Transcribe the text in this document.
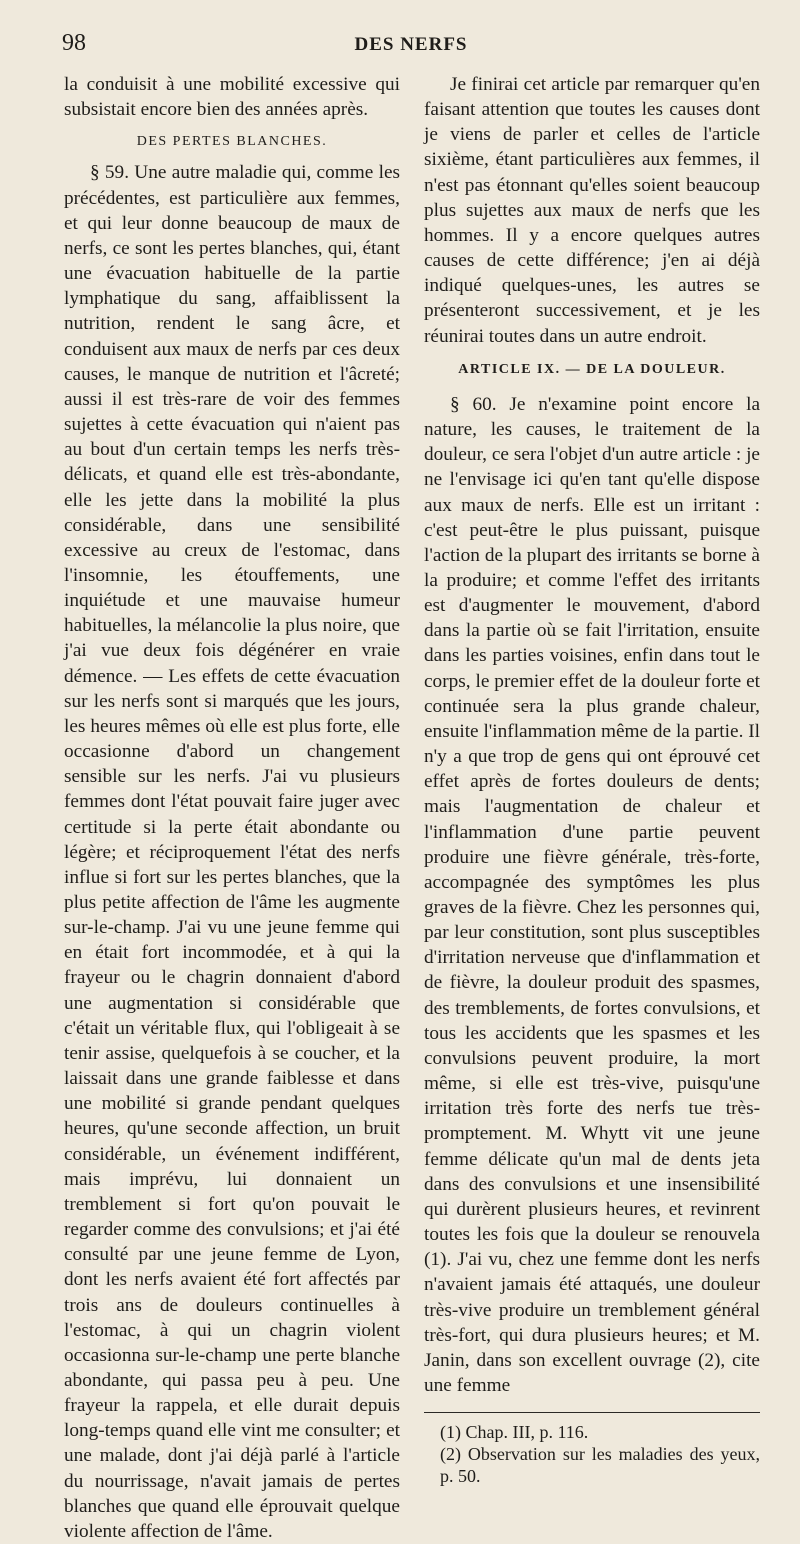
98	DES NERFS

la conduisit à une mobilité excessive qui subsistait encore bien des années après.

DES PERTES BLANCHES.

§ 59. Une autre maladie qui, comme les précédentes, est particulière aux femmes, et qui leur donne beaucoup de maux de nerfs, ce sont les pertes blanches, qui, étant une évacuation habituelle de la partie lymphatique du sang, affaiblissent la nutrition, rendent le sang âcre, et conduisent aux maux de nerfs par ces deux causes, le manque de nutrition et l'âcreté; aussi il est très-rare de voir des femmes sujettes à cette évacuation qui n'aient pas au bout d'un certain temps les nerfs très-délicats, et quand elle est très-abondante, elle les jette dans la mobilité la plus considérable, dans une sensibilité excessive au creux de l'estomac, dans l'insomnie, les étouffements, une inquiétude et une mauvaise humeur habituelles, la mélancolie la plus noire, que j'ai vue deux fois dégénérer en vraie démence. — Les effets de cette évacuation sur les nerfs sont si marqués que les jours, les heures mêmes où elle est plus forte, elle occasionne d'abord un changement sensible sur les nerfs. J'ai vu plusieurs femmes dont l'état pouvait faire juger avec certitude si la perte était abondante ou légère; et réciproquement l'état des nerfs influe si fort sur les pertes blanches, que la plus petite affection de l'âme les augmente sur-le-champ. J'ai vu une jeune femme qui en était fort incommodée, et à qui la frayeur ou le chagrin donnaient d'abord une augmentation si considérable que c'était un véritable flux, qui l'obligeait à se tenir assise, quelquefois à se coucher, et la laissait dans une grande faiblesse et dans une mobilité si grande pendant quelques heures, qu'une seconde affection, un bruit considérable, un événement indifférent, mais imprévu, lui donnaient un tremblement si fort qu'on pouvait le regarder comme des convulsions; et j'ai été consulté par une jeune femme de Lyon, dont les nerfs avaient été fort affectés par trois ans de douleurs continuelles à l'estomac, à qui un chagrin violent occasionna sur-le-champ une perte blanche abondante, qui passa peu à peu. Une frayeur la rappela, et elle durait depuis long-temps quand elle vint me consulter; et une malade, dont j'ai déjà parlé à l'article du nourrissage, n'avait jamais de pertes blanches que quand elle éprouvait quelque violente affection de l'âme.

Je finirai cet article par remarquer qu'en faisant attention que toutes les causes dont je viens de parler et celles de l'article sixième, étant particulières aux femmes, il n'est pas étonnant qu'elles soient beaucoup plus sujettes aux maux de nerfs que les hommes. Il y a encore quelques autres causes de cette différence; j'en ai déjà indiqué quelques-unes, les autres se présenteront successivement, et je les réunirai toutes dans un autre endroit.

ARTICLE IX. — DE LA DOULEUR.

§ 60. Je n'examine point encore la nature, les causes, le traitement de la douleur, ce sera l'objet d'un autre article : je ne l'envisage ici qu'en tant qu'elle dispose aux maux de nerfs. Elle est un irritant : c'est peut-être le plus puissant, puisque l'action de la plupart des irritants se borne à la produire; et comme l'effet des irritants est d'augmenter le mouvement, d'abord dans la partie où se fait l'irritation, ensuite dans les parties voisines, enfin dans tout le corps, le premier effet de la douleur forte et continuée sera la plus grande chaleur, ensuite l'inflammation même de la partie. Il n'y a que trop de gens qui ont éprouvé cet effet après de fortes douleurs de dents; mais l'augmentation de chaleur et l'inflammation d'une partie peuvent produire une fièvre générale, très-forte, accompagnée des symptômes les plus graves de la fièvre. Chez les personnes qui, par leur constitution, sont plus susceptibles d'irritation nerveuse que d'inflammation et de fièvre, la douleur produit des spasmes, des tremblements, de fortes convulsions, et tous les accidents que les spasmes et les convulsions peuvent produire, la mort même, si elle est très-vive, puisqu'une irritation très forte des nerfs tue très-promptement. M. Whytt vit une jeune femme délicate qu'un mal de dents jeta dans des convulsions et une insensibilité qui durèrent plusieurs heures, et revinrent toutes les fois que la douleur se renouvela (1). J'ai vu, chez une femme dont les nerfs n'avaient jamais été attaqués, une douleur très-vive produire un tremblement général très-fort, qui dura plusieurs heures; et M. Janin, dans son excellent ouvrage (2), cite une femme

(1) Chap. III, p. 116.

(2) Observation sur les maladies des yeux, p. 50.
